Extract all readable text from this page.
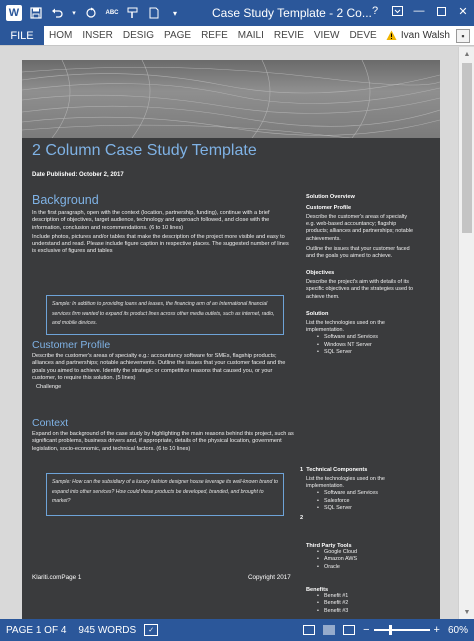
W	▾	ABC	▾	Case Study Template - 2 Co... ?	—	✕
FILE	HOM	INSER	DESIG	PAGE	REFE	MAILI	REVIE	VIEW	DEVE	Ivan Walsh	▪
2 Column Case Study Template
Date Published: October 2, 2017
Background
In the first paragraph, open with the context (location, partnership, funding), continue with a brief description of objectives, target audience, technology and approach followed, and close with the information, conclusion and recommendations. (6 to 10 lines)
Include photos, pictures and/or tables that make the description of the project more visible and easy to understand and read. Please include figure caption in respective places. The suggested number of lines is exclusive of figures and tables
Sample: In addition to providing loans and leases, the financing arm of an International financial services firm wanted to expand its product lines across other media outlets, such as internet, radio, and mobile devices.
Customer Profile
Describe the customer's areas of specialty e.g.: accountancy software for SMEs, flagship products; alliances and partnerships; notable achievements. Outline the issues that your customer faced and the goals you aimed to achieve. Identify the strategic or competitive reasons that caused you, or your customer, to require this solution. (5 lines)
Challenge
Context
Expand on the background of the case study by highlighting the main reasons behind this project, such as significant problems, business drivers and, if appropriate, details of the physical location, government legislation, socio-economic, and technical factors. (6 to 10 lines)
Sample: How can the subsidiary of a luxury fashion designer house leverage its well-known brand to expand into other services? How could these products be developed, branded, and brought to market?
Klariti.comPage 1	Copyright 2017
Solution Overview
Customer Profile
Describe the customer's areas of specialty e.g. web-based accountancy; flagship products; alliances and partnerships; notable achievements.
Outline the issues that your customer faced and the goals you aimed to achieve.
Objectives
Describe the project's aim with details of its specific objectives and the strategies used to achieve them.
Solution
List the technologies used on the implementation.
• Software and Services
• Windows NT Server
• SQL Server
1 Technical Components
List the technologies used on the implementation.
• Software and Services
• Salesforce
• SQL Server
2
Third Party Tools
• Google Cloud
• Amazon AWS
• Oracle
Benefits
• Benefit #1
• Benefit #2
• Benefit #3
▲
▼
PAGE 1 OF 4	945 WORDS	✓	−	+ 60%
